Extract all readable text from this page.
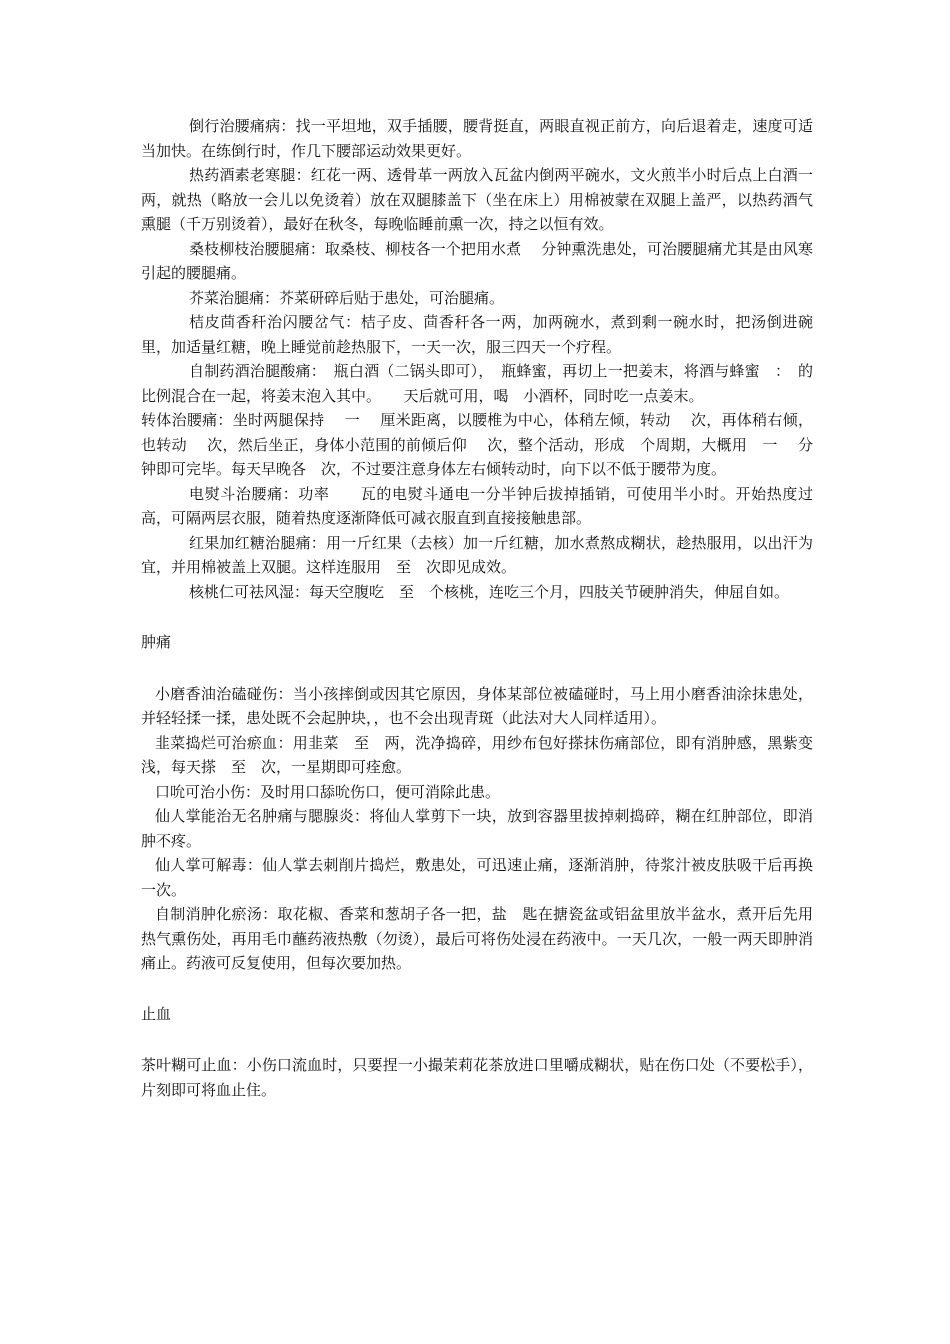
倒行治腰痛病：找一平坦地，双手插腰，腰背挺直，两眼直视正前方，向后退着走，速度可适当加快。在练倒行时，作几下腰部运动效果更好。

热药酒素老寒腿：红花一两、透骨革一两放入瓦盆内倒两平碗水，文火煎半小时后点上白酒一两，就热（略放一会儿以免烫着）放在双腿膝盖下（坐在床上）用棉被蒙在双腿上盖严，以热药酒气熏腿（千万别烫着），最好在秋冬，每晚临睡前熏一次，持之以恒有效。

桑枝柳枝治腰腿痛：取桑枝、柳枝各一个把用水煮　 分钟熏洗患处，可治腰腿痛尤其是由风寒引起的腰腿痛。

芥菜治腿痛：芥菜研碎后贴于患处，可治腿痛。

桔皮茴香秆治闪腰岔气：桔子皮、茴香秆各一两，加两碗水，煮到剩一碗水时，把汤倒进碗里，加适量红糖，晚上睡觉前趁热服下，一天一次，服三四天一个疗程。

自制药酒治腿酸痛：　瓶白酒（二锅头即可），　瓶蜂蜜，再切上一把姜末，将酒与蜂蜜　：　的比例混合在一起，将姜末泡入其中。　　天后就可用，喝　小酒杯，同时吃一点姜末。

转体治腰痛：坐时两腿保持　 一　 厘米距离，以腰椎为中心，体稍左倾，转动　 次，再体稍右倾，也转动　 次，然后坐正，身体小范围的前倾后仰　 次，整个活动，形成　个周期，大概用　一　 分钟即可完毕。每天早晚各　次，不过要注意身体左右倾转动时，向下以不低于腰带为度。

电熨斗治腰痛：功率　　瓦的电熨斗通电一分半钟后拔掉插销，可使用半小时。开始热度过高，可隔两层衣服，随着热度逐渐降低可减衣服直到直接接触患部。

红果加红糖治腿痛：用一斤红果（去核）加一斤红糖，加水煮熬成糊状，趁热服用，以出汗为宜，并用棉被盖上双腿。这样连服用　至　次即见成效。

核桃仁可祛风湿：每天空腹吃　至　个核桃，连吃三个月，四肢关节硬肿消失，伸屈自如。

肿痛

小磨香油治磕碰伤：当小孩摔倒或因其它原因，身体某部位被磕碰时，马上用小磨香油涂抹患处，并轻轻揉一揉，患处既不会起肿块，，也不会出现青斑（此法对大人同样适用）。

韭菜捣烂可治瘀血：用韭菜　至　两，洗净捣碎，用纱布包好搽抹伤痛部位，即有消肿感，黑紫变浅，每天搽　至　次，一星期即可痊愈。

口吮可治小伤：及时用口舔吮伤口，便可消除此患。

仙人掌能治无名肿痛与腮腺炎：将仙人掌剪下一块，放到容器里拔掉刺捣碎，糊在红肿部位，即消肿不疼。

仙人掌可解毒：仙人掌去刺削片捣烂，敷患处，可迅速止痛，逐渐消肿，待浆汁被皮肤吸干后再换一次。

自制消肿化瘀汤：取花椒、香菜和葱胡子各一把，盐　匙在搪瓷盆或铝盆里放半盆水，煮开后先用热气熏伤处，再用毛巾蘸药液热敷（勿烫），最后可将伤处浸在药液中。一天几次，一般一两天即肿消痛止。药液可反复使用，但每次要加热。

止血

茶叶糊可止血：小伤口流血时，只要捏一小撮茉莉花茶放进口里嚼成糊状，贴在伤口处（不要松手），片刻即可将血止住。
